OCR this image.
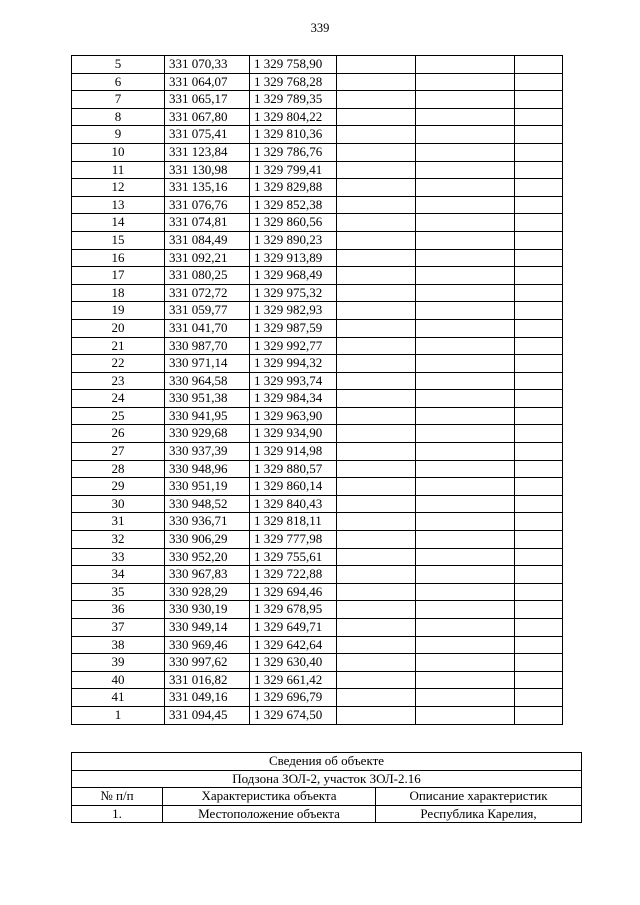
339
5	331 070,33	1 329 758,90			
6	331 064,07	1 329 768,28			
7	331 065,17	1 329 789,35			
8	331 067,80	1 329 804,22			
9	331 075,41	1 329 810,36			
10	331 123,84	1 329 786,76			
11	331 130,98	1 329 799,41			
12	331 135,16	1 329 829,88			
13	331 076,76	1 329 852,38			
14	331 074,81	1 329 860,56			
15	331 084,49	1 329 890,23			
16	331 092,21	1 329 913,89			
17	331 080,25	1 329 968,49			
18	331 072,72	1 329 975,32			
19	331 059,77	1 329 982,93			
20	331 041,70	1 329 987,59			
21	330 987,70	1 329 992,77			
22	330 971,14	1 329 994,32			
23	330 964,58	1 329 993,74			
24	330 951,38	1 329 984,34			
25	330 941,95	1 329 963,90			
26	330 929,68	1 329 934,90			
27	330 937,39	1 329 914,98			
28	330 948,96	1 329 880,57			
29	330 951,19	1 329 860,14			
30	330 948,52	1 329 840,43			
31	330 936,71	1 329 818,11			
32	330 906,29	1 329 777,98			
33	330 952,20	1 329 755,61			
34	330 967,83	1 329 722,88			
35	330 928,29	1 329 694,46			
36	330 930,19	1 329 678,95			
37	330 949,14	1 329 649,71			
38	330 969,46	1 329 642,64			
39	330 997,62	1 329 630,40			
40	331 016,82	1 329 661,42			
41	331 049,16	1 329 696,79			
1	331 094,45	1 329 674,50			
Сведения об объекте		
Подзона ЗОЛ-2, участок ЗОЛ-2.16		
№ п/п	Характеристика объекта	Описание характеристик
1.	Местоположение объекта	Республика Карелия,
